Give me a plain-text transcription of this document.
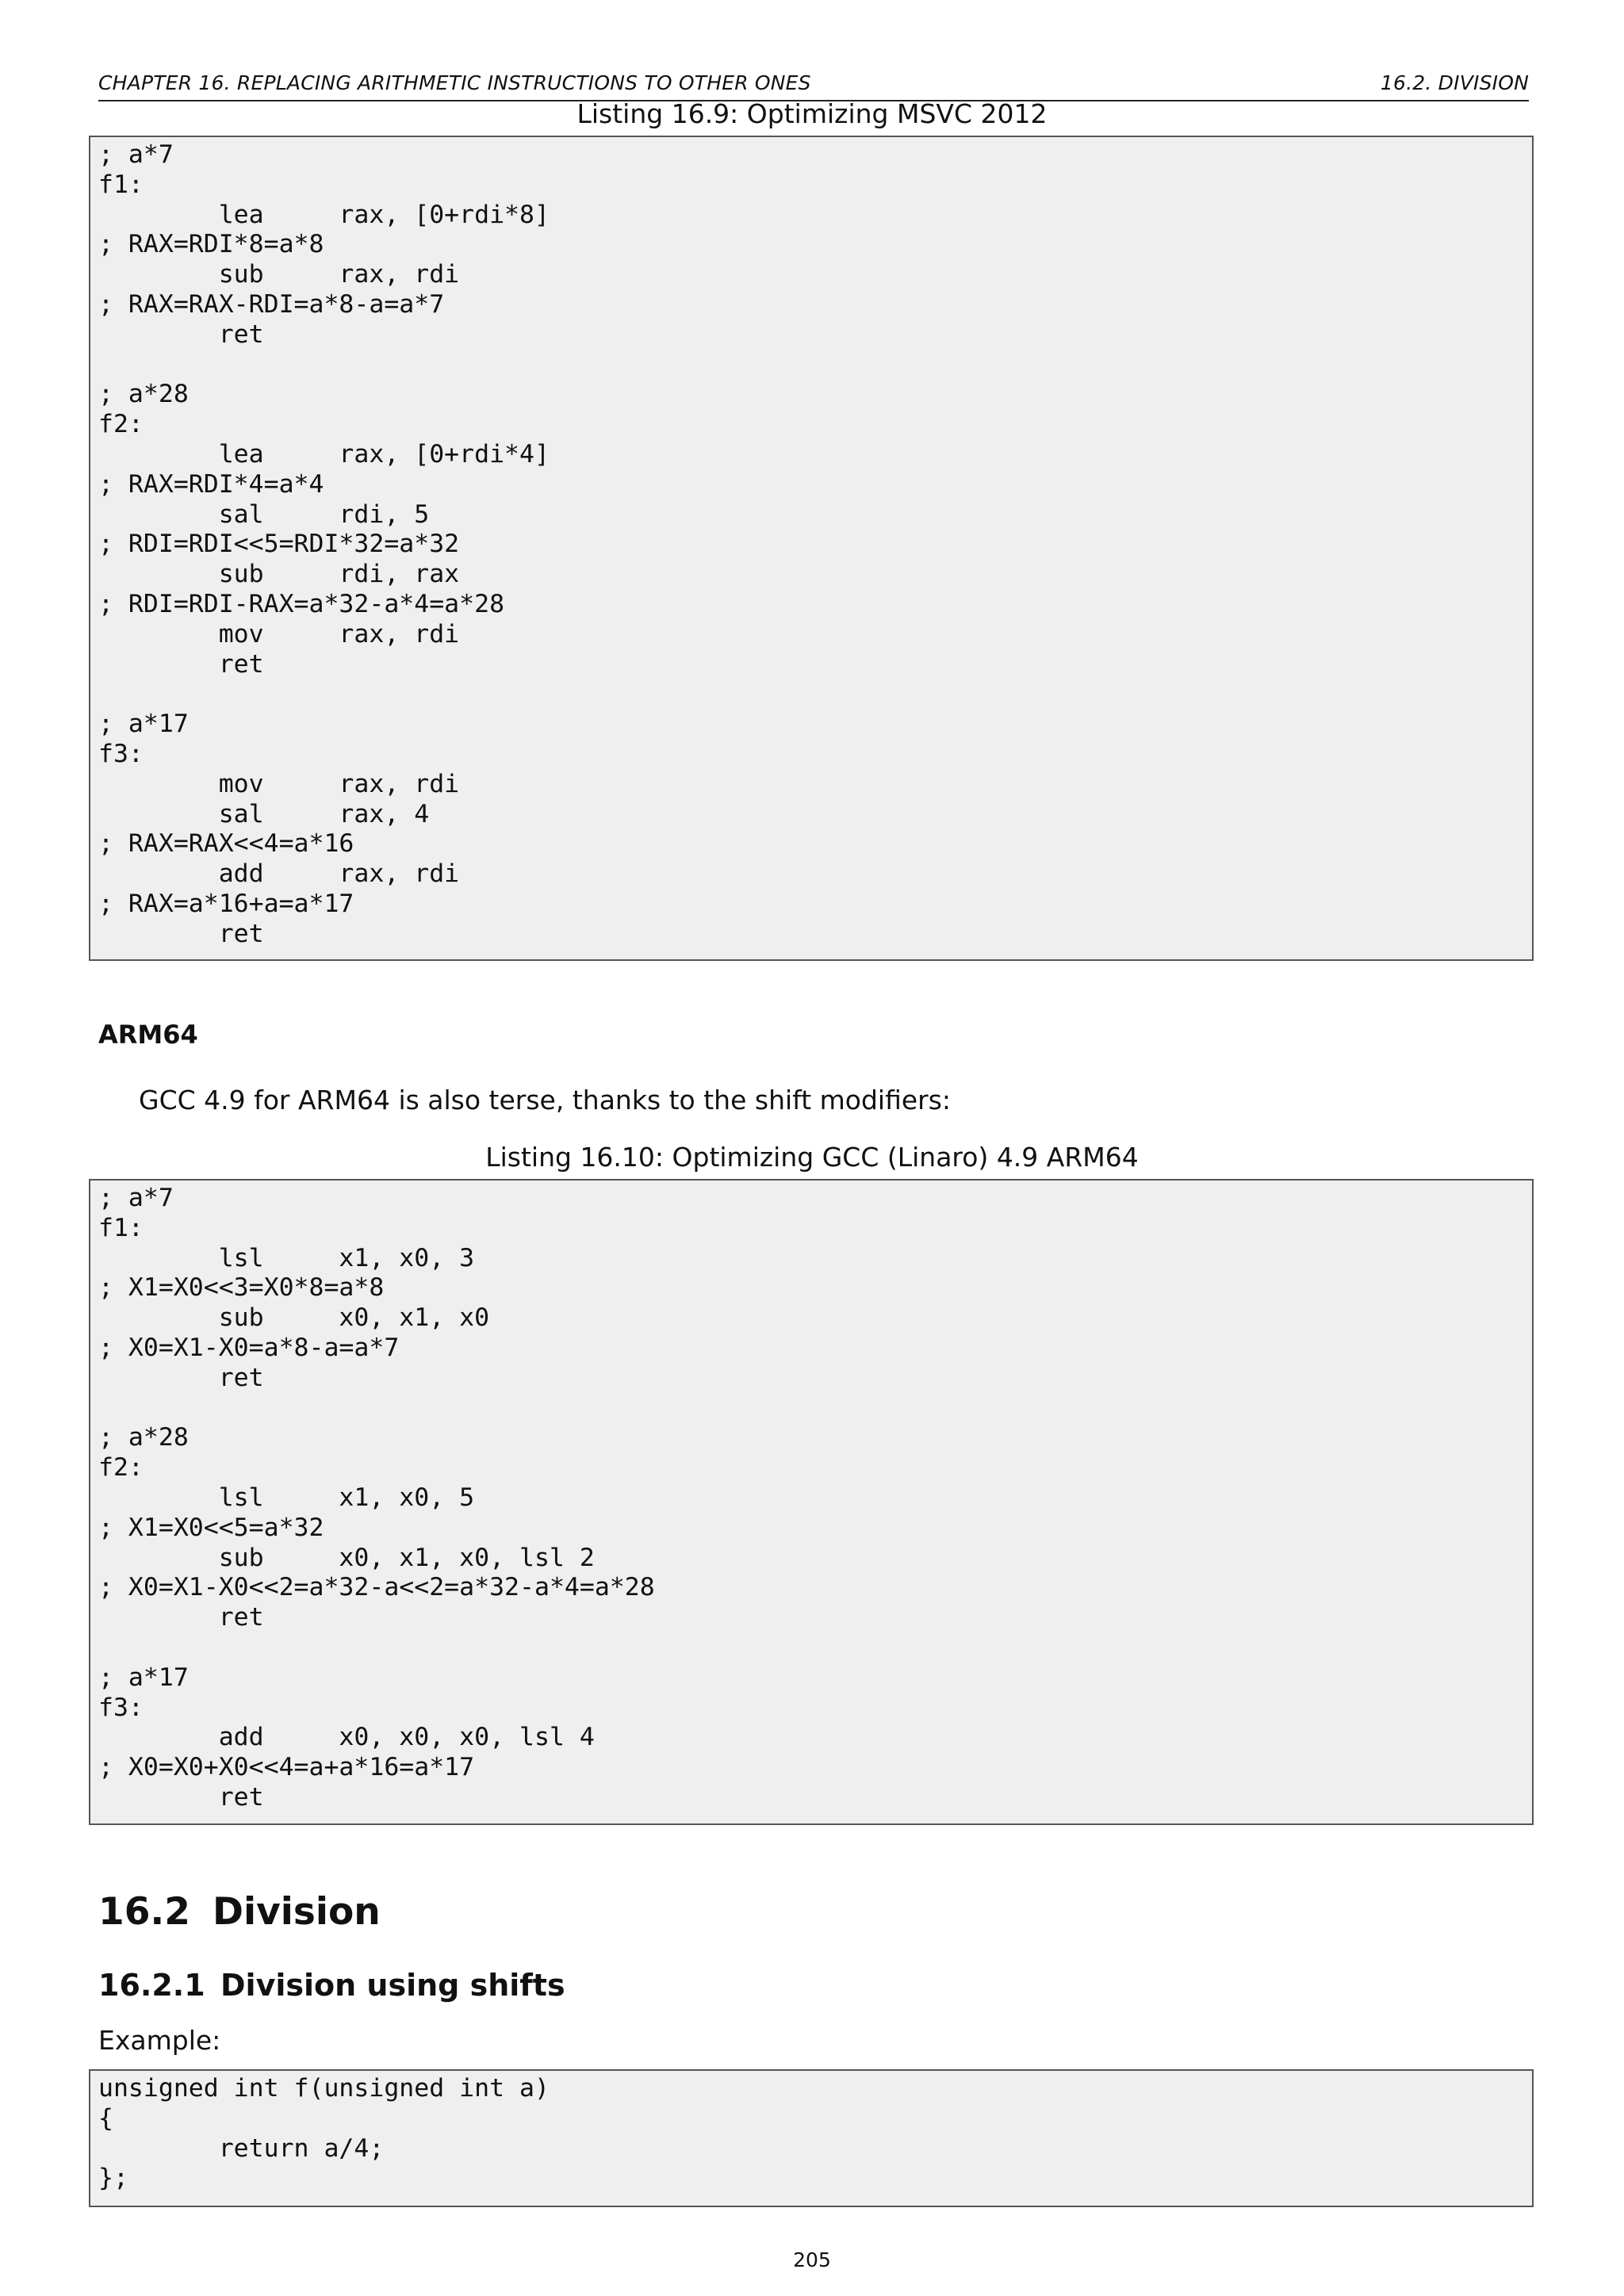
CHAPTER 16. REPLACING ARITHMETIC INSTRUCTIONS TO OTHER ONES	16.2. DIVISION
Listing 16.9: Optimizing MSVC 2012
; a*7
f1:
lea     rax, [0+rdi*8]
; RAX=RDI*8=a*8
sub     rax, rdi
; RAX=RAX-RDI=a*8-a=a*7
ret

; a*28
f2:
lea     rax, [0+rdi*4]
; RAX=RDI*4=a*4
sal     rdi, 5
; RDI=RDI<<5=RDI*32=a*32
sub     rdi, rax
; RDI=RDI-RAX=a*32-a*4=a*28
mov     rax, rdi
ret

; a*17
f3:
mov     rax, rdi
sal     rax, 4
; RAX=RAX<<4=a*16
add     rax, rdi
; RAX=a*16+a=a*17
ret
ARM64
GCC 4.9 for ARM64 is also terse, thanks to the shift modifiers:
Listing 16.10: Optimizing GCC (Linaro) 4.9 ARM64
; a*7
f1:
lsl     x1, x0, 3
; X1=X0<<3=X0*8=a*8
sub     x0, x1, x0
; X0=X1-X0=a*8-a=a*7
ret

; a*28
f2:
lsl     x1, x0, 5
; X1=X0<<5=a*32
sub     x0, x1, x0, lsl 2
; X0=X1-X0<<2=a*32-a<<2=a*32-a*4=a*28
ret

; a*17
f3:
add     x0, x0, x0, lsl 4
; X0=X0+X0<<4=a+a*16=a*17
ret
16.2 Division
16.2.1 Division using shifts
Example:
unsigned int f(unsigned int a)
{
return a/4;
};
205
